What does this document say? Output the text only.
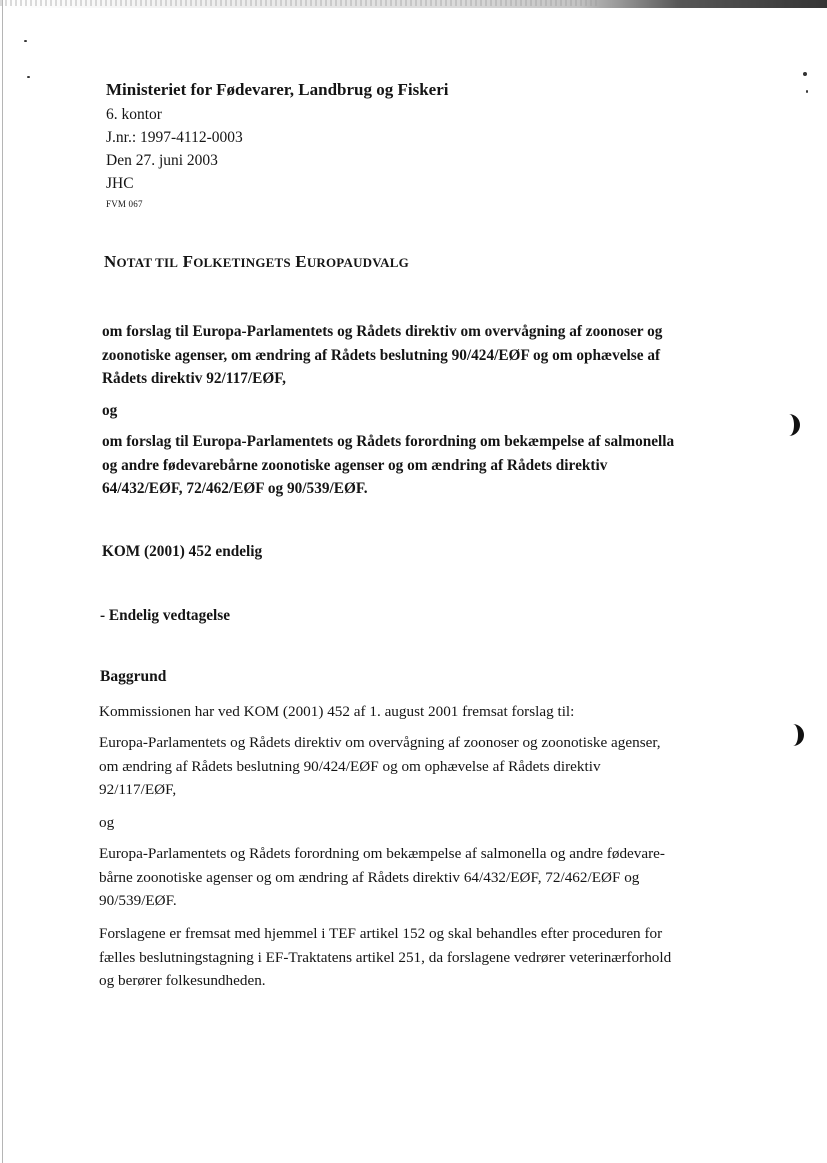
Ministeriet for Fødevarer, Landbrug og Fiskeri
6. kontor
J.nr.: 1997-4112-0003
Den 27. juni 2003
JHC
FVM 067
NOTAT TIL FOLKETINGETS EUROPAUDVALG
om forslag til Europa-Parlamentets og Rådets direktiv om overvågning af zoonoser og
zoonotiske agenser, om ændring af Rådets beslutning 90/424/EØF og om ophævelse af
Rådets direktiv 92/117/EØF,
og
om forslag til Europa-Parlamentets og Rådets forordning om bekæmpelse af salmonella
og andre fødevarebårne zoonotiske agenser og om ændring af Rådets direktiv
64/432/EØF, 72/462/EØF og 90/539/EØF.
KOM (2001) 452 endelig
- Endelig vedtagelse
Baggrund
Kommissionen har ved KOM (2001) 452 af 1. august 2001 fremsat forslag til:
Europa-Parlamentets og Rådets direktiv om overvågning af zoonoser og zoonotiske agenser,
om ændring af Rådets beslutning 90/424/EØF og om ophævelse af Rådets direktiv
92/117/EØF,
og
Europa-Parlamentets og Rådets forordning om bekæmpelse af salmonella og andre fødevare-
bårne zoonotiske agenser og om ændring af Rådets direktiv 64/432/EØF, 72/462/EØF og
90/539/EØF.
Forslagene er fremsat med hjemmel i TEF artikel 152 og skal behandles efter proceduren for
fælles beslutningstagning i EF-Traktatens artikel 251, da forslagene vedrører veterinærforhold
og berører folkesundheden.
